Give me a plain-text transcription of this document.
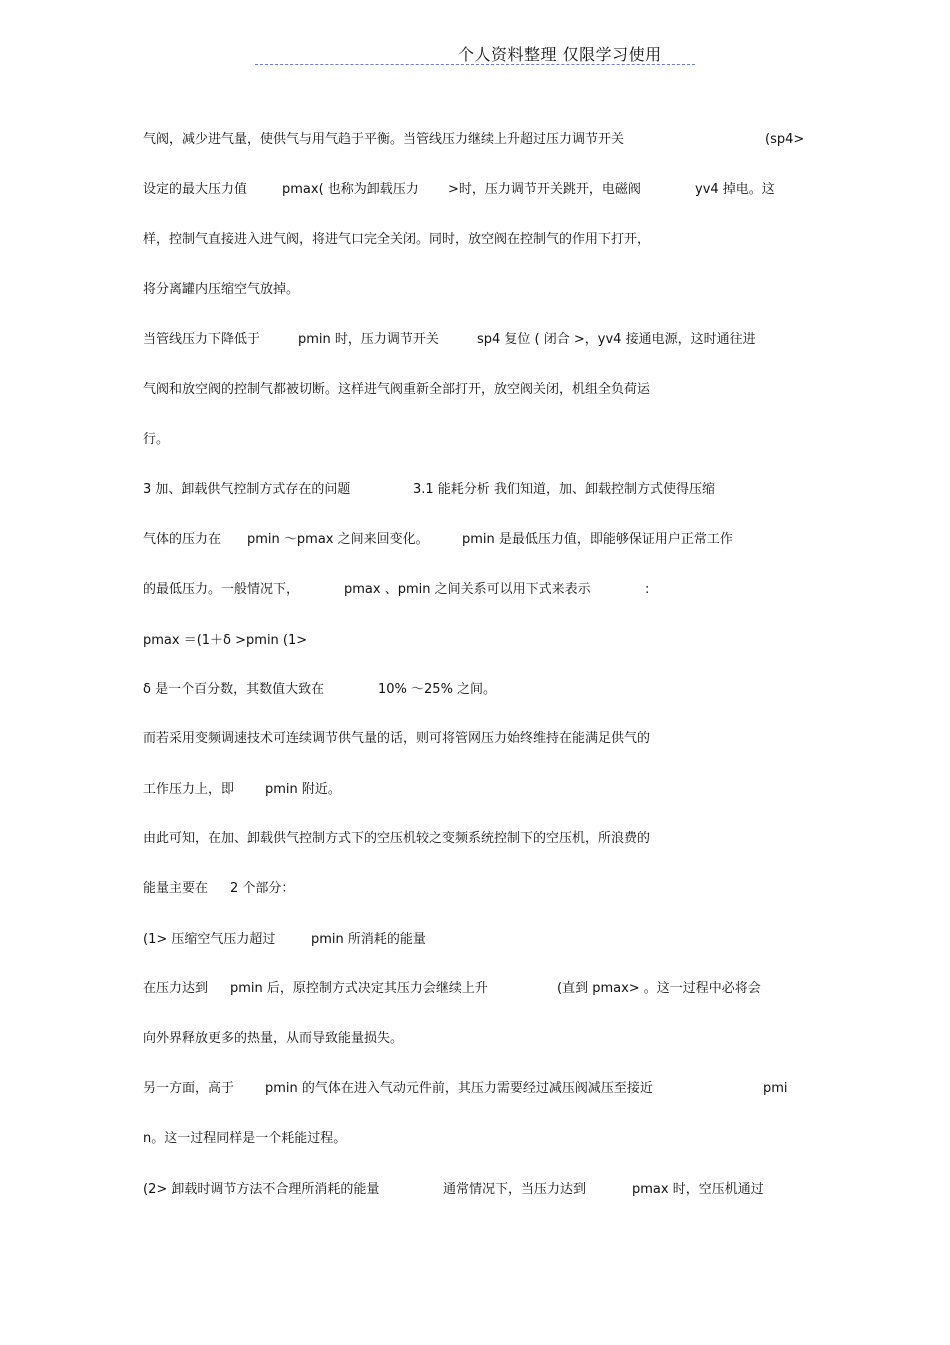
个人资料整理 仅限学习使用
气阀，减少进气量，使供气与用气趋于平衡。当管线压力继续上升超过压力调节开关	(sp4>
设定的最大压力值	pmax( 也称为卸载压力 >时，压力调节开关跳开，电磁阀	yv4 掉电。这
样，控制气直接进入进气阀，将进气口完全关闭。同时，放空阀在控制气的作用下打开，
将分离罐内压缩空气放掉。
当管线压力下降低于	pmin 时，压力调节开关	sp4 复位 ( 闭合 >，yv4 接通电源，这时通往进
气阀和放空阀的控制气都被切断。这样进气阀重新全部打开，放空阀关闭，机组全负荷运
行。
3 加、卸载供气控制方式存在的问题	3.1 能耗分析 我们知道，加、卸载控制方式使得压缩
气体的压力在 pmin ～pmax 之间来回变化。	pmin 是最低压力值，即能够保证用户正常工作
的最低压力。一般情况下，	pmax 、pmin 之间关系可以用下式来表示	:
pmax ＝(1＋δ >pmin (1>
δ 是一个百分数，其数值大致在	10% ～25% 之间。
而若采用变频调速技术可连续调节供气量的话，则可将管网压力始终维持在能满足供气的
工作压力上，即 pmin 附近。
由此可知，在加、卸载供气控制方式下的空压机较之变频系统控制下的空压机，所浪费的
能量主要在 2 个部分：
(1> 压缩空气压力超过	pmin 所消耗的能量
在压力达到 pmin 后，原控制方式决定其压力会继续上升	(直到 pmax> 。这一过程中必将会
向外界释放更多的热量，从而导致能量损失。
另一方面，高于 pmin 的气体在进入气动元件前，其压力需要经过减压阀减压至接近	pmi
n。这一过程同样是一个耗能过程。
(2> 卸载时调节方法不合理所消耗的能量	通常情况下，当压力达到	pmax 时，空压机通过
